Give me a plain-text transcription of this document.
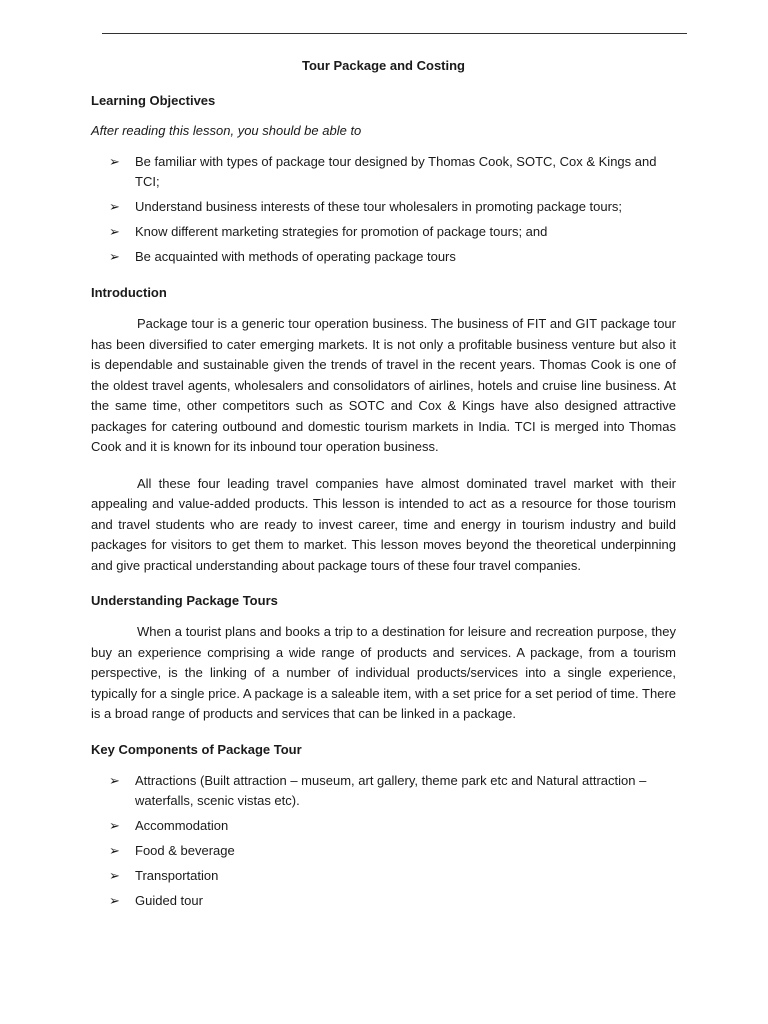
Tour Package and Costing
Learning Objectives
After reading this lesson, you should be able to
➢ Be familiar with types of package tour designed by Thomas Cook, SOTC, Cox & Kings and TCI;
➢ Understand business interests of these tour wholesalers in promoting package tours;
➢ Know different marketing strategies for promotion of package tours; and
➢ Be acquainted with methods of operating package tours
Introduction

Package tour is a generic tour operation business. The business of FIT and GIT package tour has been diversified to cater emerging markets. It is not only a profitable business venture but also it is dependable and sustainable given the trends of travel in the recent years. Thomas Cook is one of the oldest travel agents, wholesalers and consolidators of airlines, hotels and cruise line business. At the same time, other competitors such as SOTC and Cox & Kings have also designed attractive packages for catering outbound and domestic tourism markets in India. TCI is merged into Thomas Cook and it is known for its inbound tour operation business.

All these four leading travel companies have almost dominated travel market with their appealing and value-added products. This lesson is intended to act as a resource for those tourism and travel students who are ready to invest career, time and energy in tourism industry and build packages for visitors to get them to market. This lesson moves beyond the theoretical underpinning and give practical understanding about package tours of these four travel companies.

Understanding Package Tours

When a tourist plans and books a trip to a destination for leisure and recreation purpose, they buy an experience comprising a wide range of products and services. A package, from a tourism perspective, is the linking of a number of individual products/services into a single experience, typically for a single price. A package is a saleable item, with a set price for a set period of time. There is a broad range of products and services that can be linked in a package.

Key Components of Package Tour
➢ Attractions (Built attraction – museum, art gallery, theme park etc and Natural attraction – waterfalls, scenic vistas etc).
➢ Accommodation
➢ Food & beverage
➢ Transportation
➢ Guided tour
